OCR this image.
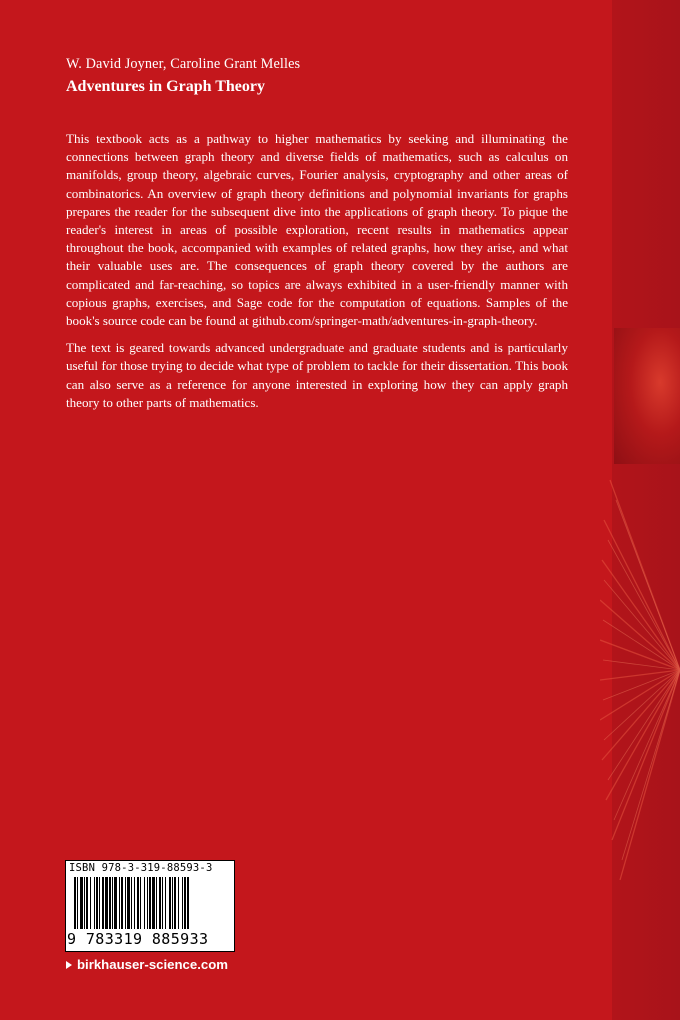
W. David Joyner, Caroline Grant Melles
Adventures in Graph Theory

This textbook acts as a pathway to higher mathematics by seeking and illuminating the connections between graph theory and diverse fields of mathematics, such as calculus on manifolds, group theory, algebraic curves, Fourier analysis, cryptography and other areas of combinatorics. An overview of graph theory definitions and polynomial invariants for graphs prepares the reader for the subsequent dive into the applications of graph theory. To pique the reader's interest in areas of possible exploration, recent results in mathematics appear throughout the book, accompanied with examples of related graphs, how they arise, and what their valuable uses are. The consequences of graph theory covered by the authors are complicated and far-reaching, so topics are always exhibited in a user-friendly manner with copious graphs, exercises, and Sage code for the computation of equations. Samples of the book's source code can be found at github.com/springer-math/adventures-in-graph-theory.

The text is geared towards advanced undergraduate and graduate students and is particularly useful for those trying to decide what type of problem to tackle for their dissertation. This book can also serve as a reference for anyone interested in exploring how they can apply graph theory to other parts of mathematics.

ISBN 978-3-319-88593-3
9 783319 885933
birkhauser-science.com
